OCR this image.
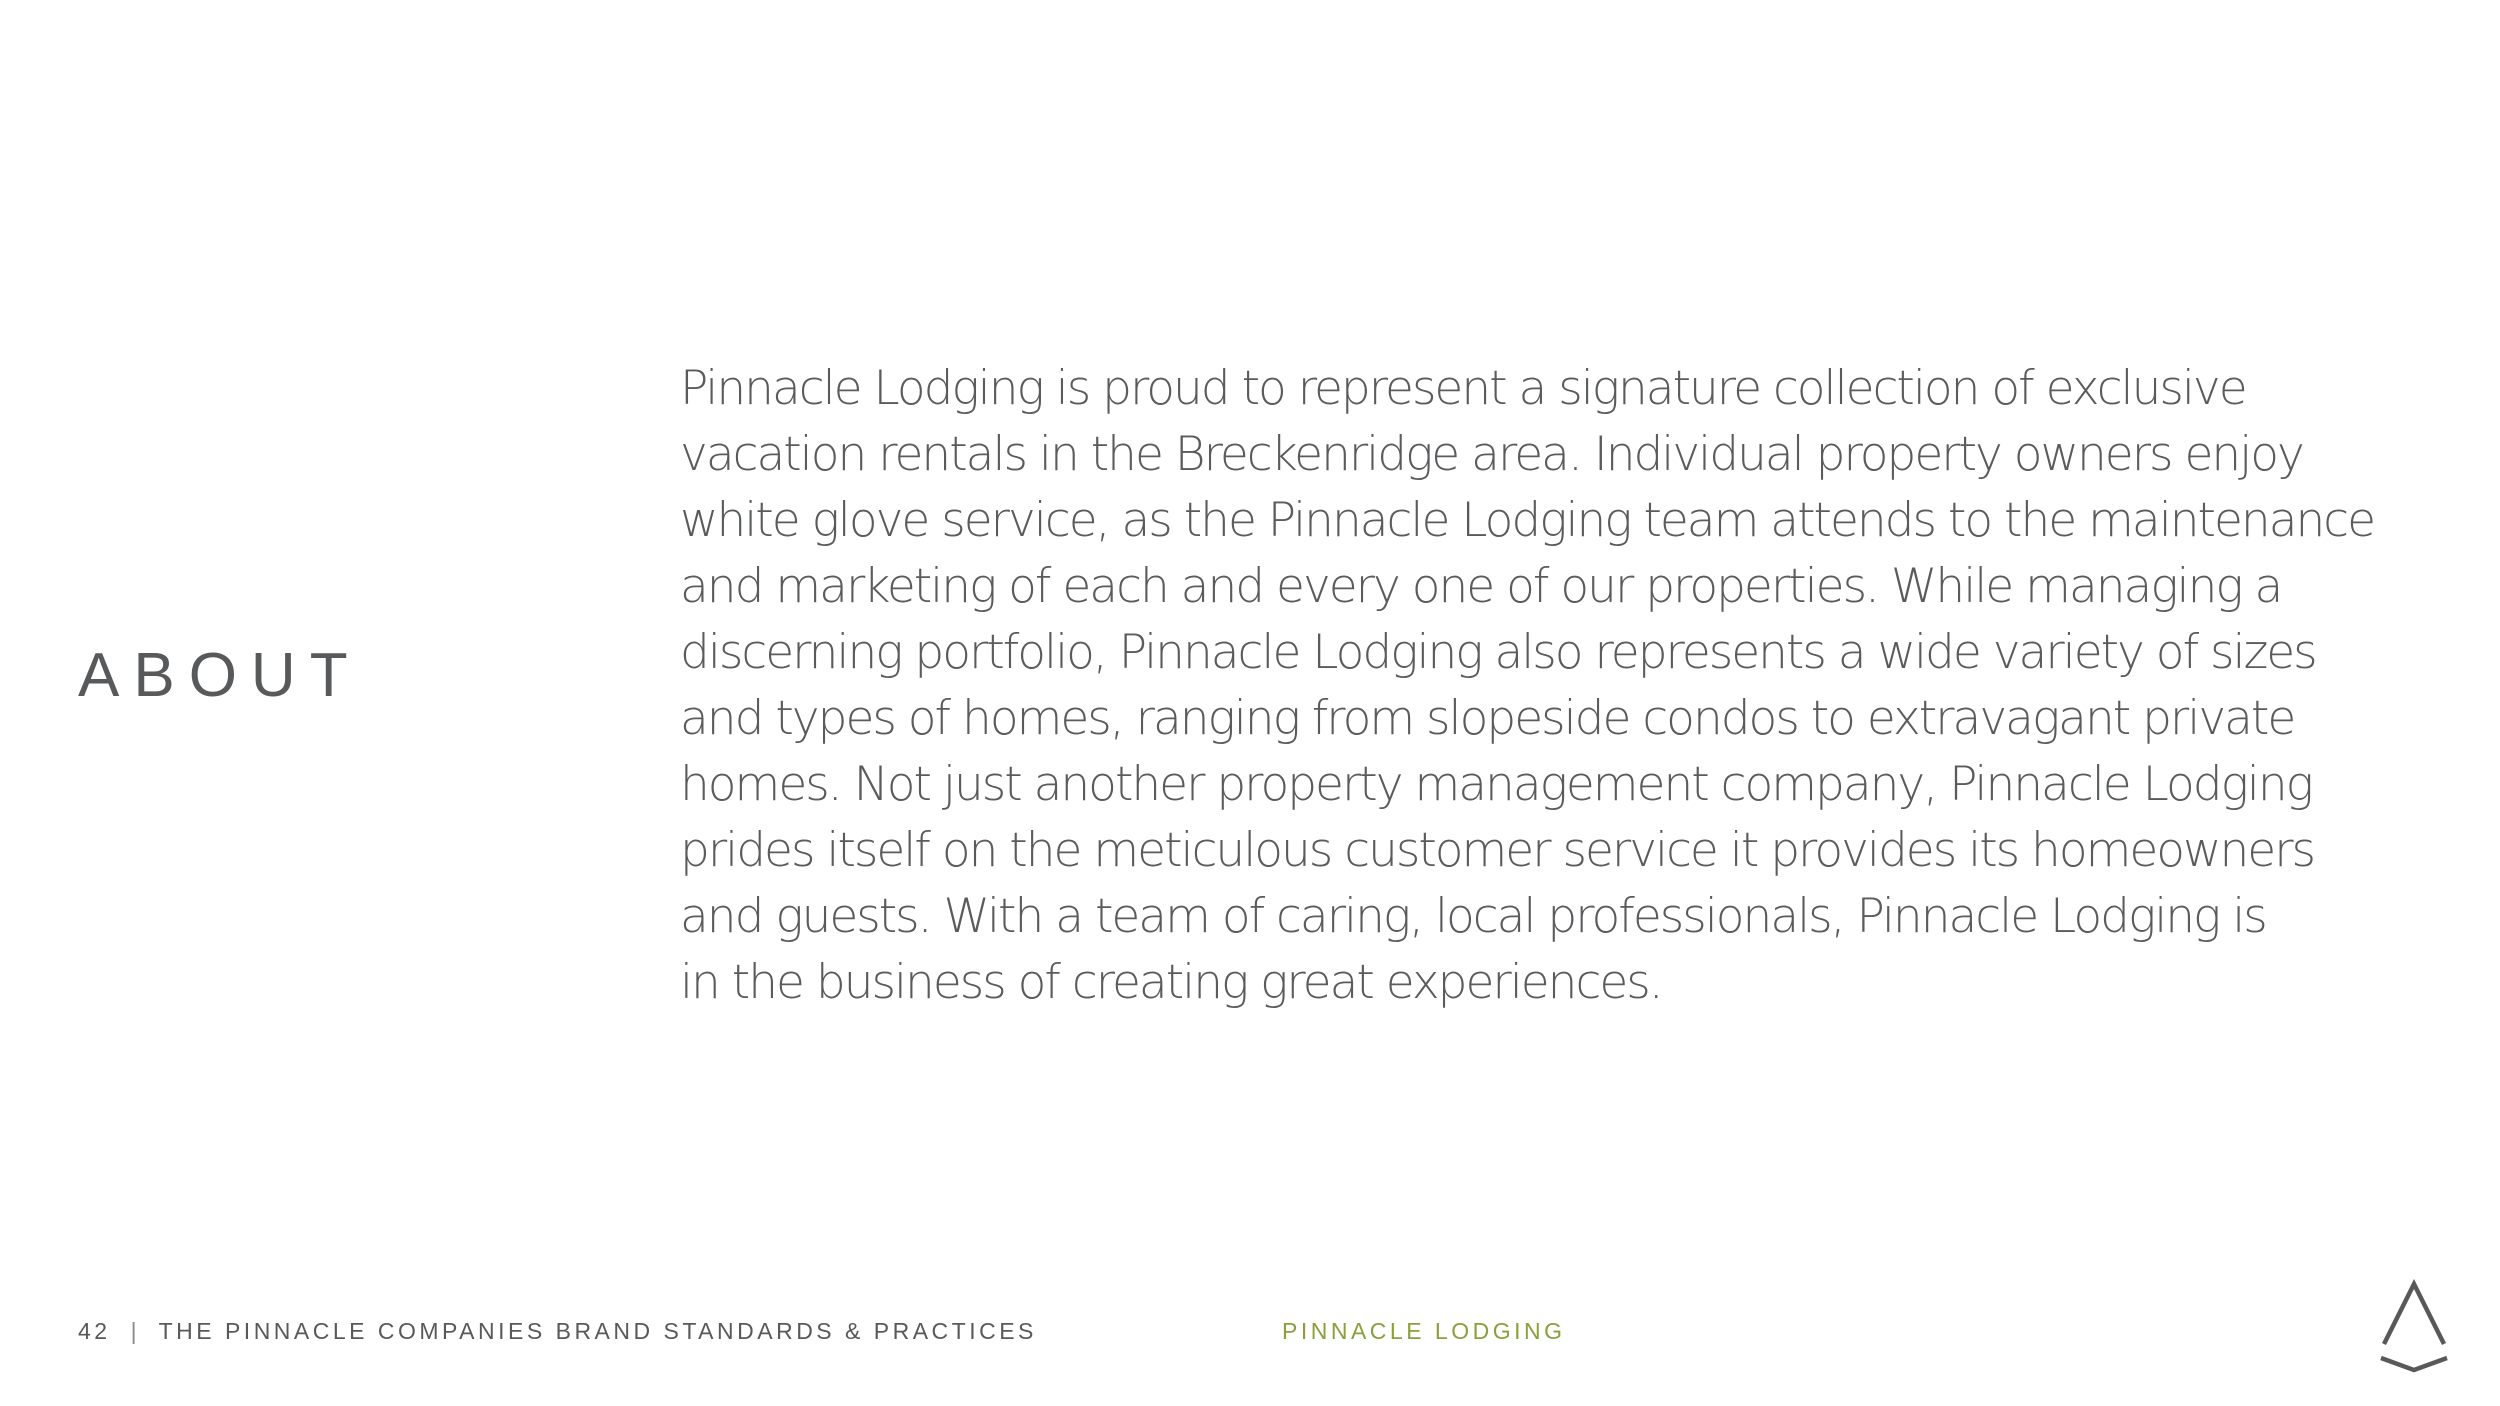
ABOUT

Pinnacle Lodging is proud to represent a signature collection of exclusive
vacation rentals in the Breckenridge area. Individual property owners enjoy
white glove service, as the Pinnacle Lodging team attends to the maintenance
and marketing of each and every one of our properties. While managing a
discerning portfolio, Pinnacle Lodging also represents a wide variety of sizes
and types of homes, ranging from slopeside condos to extravagant private
homes. Not just another property management company, Pinnacle Lodging
prides itself on the meticulous customer service it provides its homeowners
and guests. With a team of caring, local professionals, Pinnacle Lodging is
in the business of creating great experiences.

42 | THE PINNACLE COMPANIES BRAND STANDARDS & PRACTICES	PINNACLE LODGING
